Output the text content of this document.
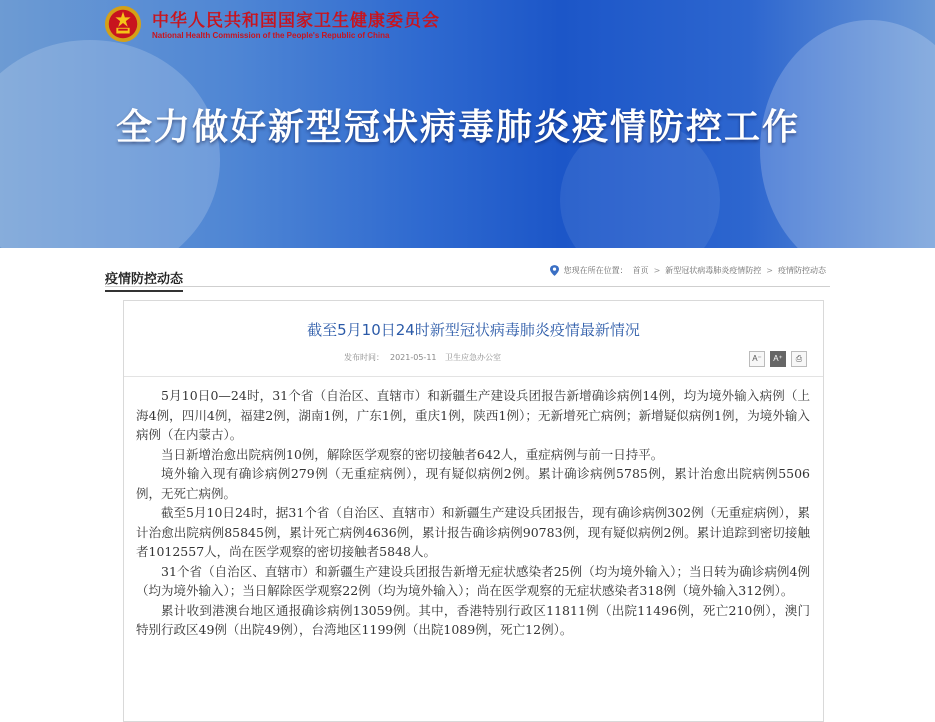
中华人民共和国国家卫生健康委员会
National Health Commission of the People's Republic of China
全力做好新型冠状病毒肺炎疫情防控工作
疫情防控动态
您现在所在位置： 首页 > 新型冠状病毒肺炎疫情防控 > 疫情防控动态
截至5月10日24时新型冠状病毒肺炎疫情最新情况
发布时间： 2021-05-11 卫生应急办公室	A⁻	A⁺	⎙

5月10日0—24时，31个省（自治区、直辖市）和新疆生产建设兵团报告新增确诊病例14例，均为境外输入病例（上海4例，四川4例，福建2例，湖南1例，广东1例，重庆1例，陕西1例）；无新增死亡病例；新增疑似病例1例，为境外输入病例（在内蒙古）。

当日新增治愈出院病例10例，解除医学观察的密切接触者642人，重症病例与前一日持平。

境外输入现有确诊病例279例（无重症病例），现有疑似病例2例。累计确诊病例5785例，累计治愈出院病例5506例，无死亡病例。

截至5月10日24时，据31个省（自治区、直辖市）和新疆生产建设兵团报告，现有确诊病例302例（无重症病例），累计治愈出院病例85845例，累计死亡病例4636例，累计报告确诊病例90783例，现有疑似病例2例。累计追踪到密切接触者1012557人，尚在医学观察的密切接触者5848人。

31个省（自治区、直辖市）和新疆生产建设兵团报告新增无症状感染者25例（均为境外输入）；当日转为确诊病例4例（均为境外输入）；当日解除医学观察22例（均为境外输入）；尚在医学观察的无症状感染者318例（境外输入312例）。

累计收到港澳台地区通报确诊病例13059例。其中，香港特别行政区11811例（出院11496例，死亡210例），澳门特别行政区49例（出院49例），台湾地区1199例（出院1089例，死亡12例）。
